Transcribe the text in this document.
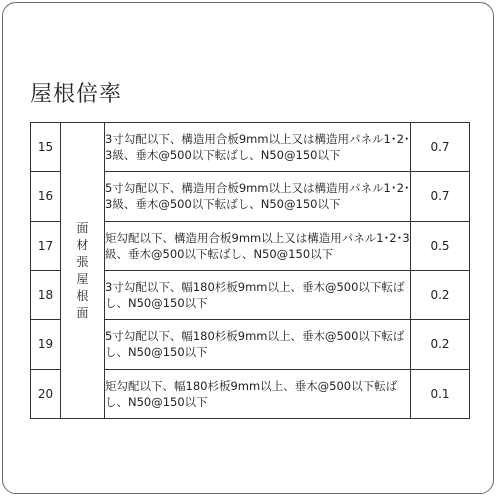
屋根倍率
15	面材張屋根面	3寸勾配以下、構造用合板9mm以上又は構造用パネル1･2･3級、垂木@500以下転ばし、N50@150以下	0.7
16		5寸勾配以下、構造用合板9mm以上又は構造用パネル1･2･3級、垂木@500以下転ばし、N50@150以下	0.7
17		矩勾配以下、構造用合板9mm以上又は構造用パネル1･2･3級、垂木@500以下転ばし、N50@150以下	0.5
18		3寸勾配以下、幅180杉板9mm以上、垂木@500以下転ばし、N50@150以下	0.2
19		5寸勾配以下、幅180杉板9mm以上、垂木@500以下転ばし、N50@150以下	0.2
20		矩勾配以下、幅180杉板9mm以上、垂木@500以下転ばし、N50@150以下	0.1
